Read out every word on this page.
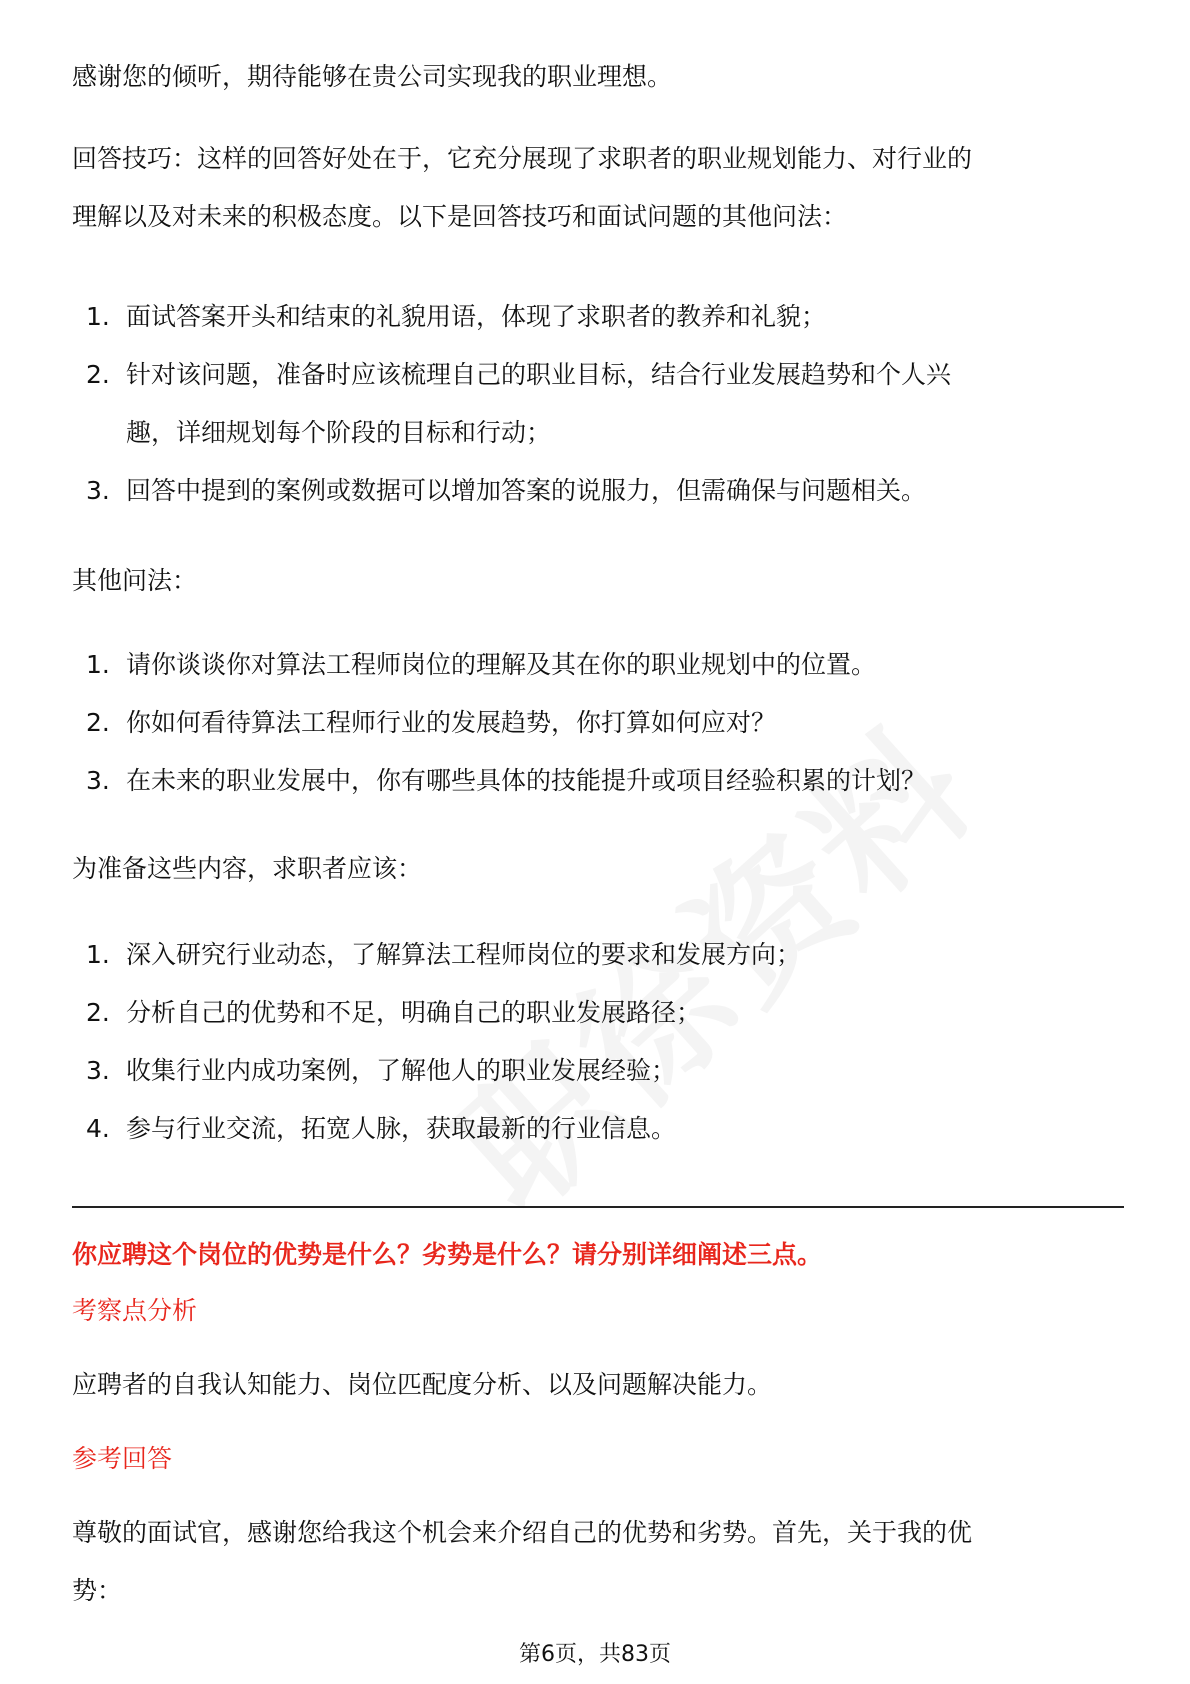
感谢您的倾听，期待能够在贵公司实现我的职业理想。

回答技巧：这样的回答好处在于，它充分展现了求职者的职业规划能力、对行业的

理解以及对未来的积极态度。以下是回答技巧和面试问题的其他问法：

1. 面试答案开头和结束的礼貌用语，体现了求职者的教养和礼貌；
2. 针对该问题，准备时应该梳理自己的职业目标，结合行业发展趋势和个人兴
趣，详细规划每个阶段的目标和行动；
3. 回答中提到的案例或数据可以增加答案的说服力，但需确保与问题相关。

其他问法：

1. 请你谈谈你对算法工程师岗位的理解及其在你的职业规划中的位置。
2. 你如何看待算法工程师行业的发展趋势，你打算如何应对？
3. 在未来的职业发展中，你有哪些具体的技能提升或项目经验积累的计划？

为准备这些内容，求职者应该：

1. 深入研究行业动态，了解算法工程师岗位的要求和发展方向；
2. 分析自己的优势和不足，明确自己的职业发展路径；
3. 收集行业内成功案例，了解他人的职业发展经验；
4. 参与行业交流，拓宽人脉，获取最新的行业信息。

你应聘这个岗位的优势是什么？劣势是什么？请分别详细阐述三点。

考察点分析

应聘者的自我认知能力、岗位匹配度分析、以及问题解决能力。

参考回答

尊敬的面试官，感谢您给我这个机会来介绍自己的优势和劣势。首先，关于我的优

势：

第6页，共83页
